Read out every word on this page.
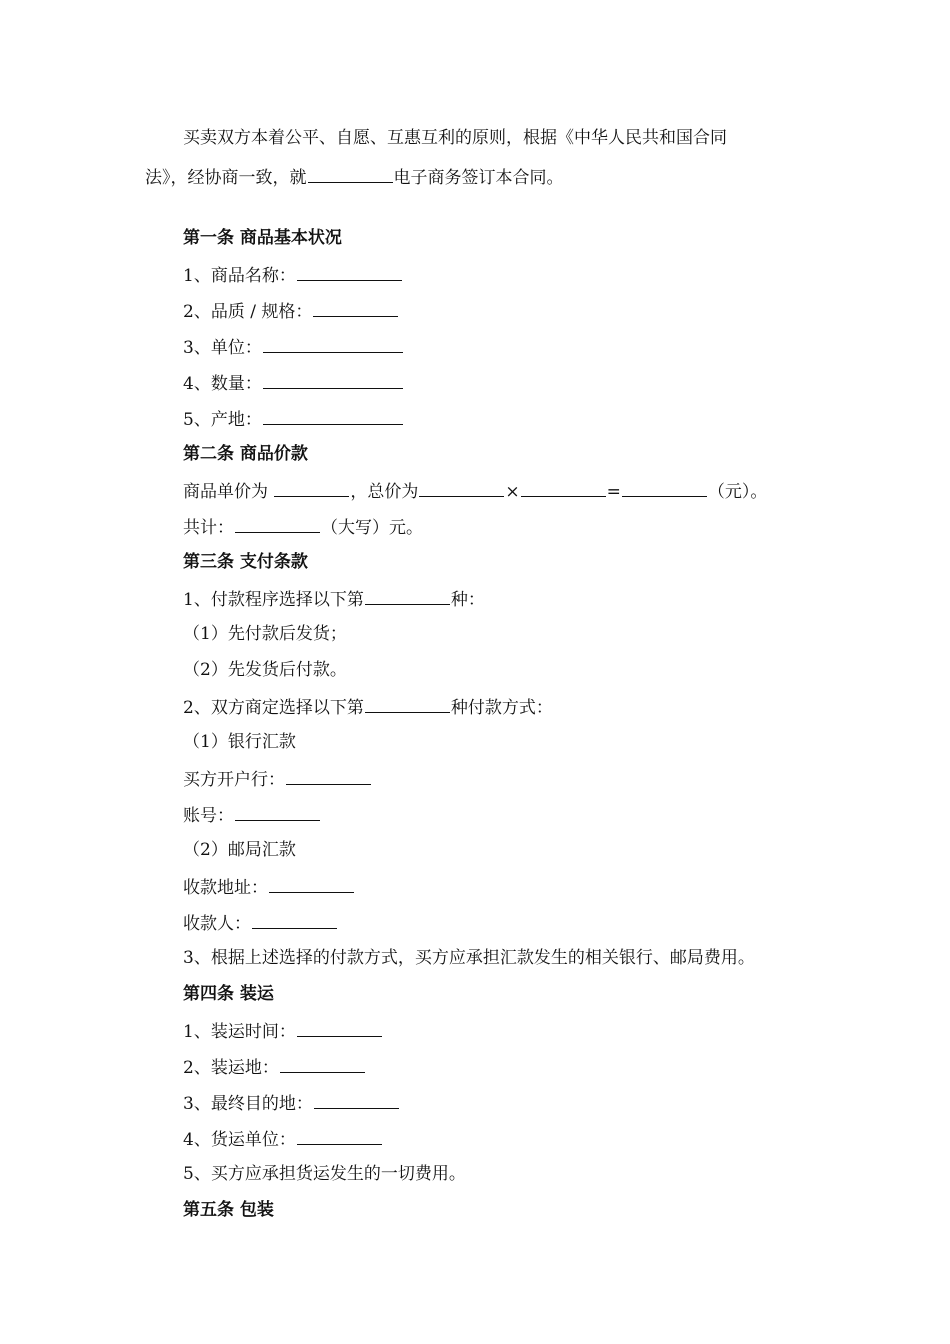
买卖双方本着公平、自愿、互惠互利的原则，根据《中华人民共和国合同
法》，经协商一致，就	电子商务签订本合同。
第一条 商品基本状况
1、商品名称：
2、品质 / 规格：
3、单位：
4、数量：
5、产地：
第二条 商品价款
商品单价为	，总价为	×	=	（元）。
共计：	（大写）元。
第三条 支付条款
1、付款程序选择以下第	种：
（1）先付款后发货；
（2）先发货后付款。
2、双方商定选择以下第	种付款方式：
（1）银行汇款
买方开户行：
账号：
（2）邮局汇款
收款地址：
收款人：
3、根据上述选择的付款方式，买方应承担汇款发生的相关银行、邮局费用。
第四条 装运
1、装运时间：
2、装运地：
3、最终目的地：
4、货运单位：
5、买方应承担货运发生的一切费用。
第五条 包装
